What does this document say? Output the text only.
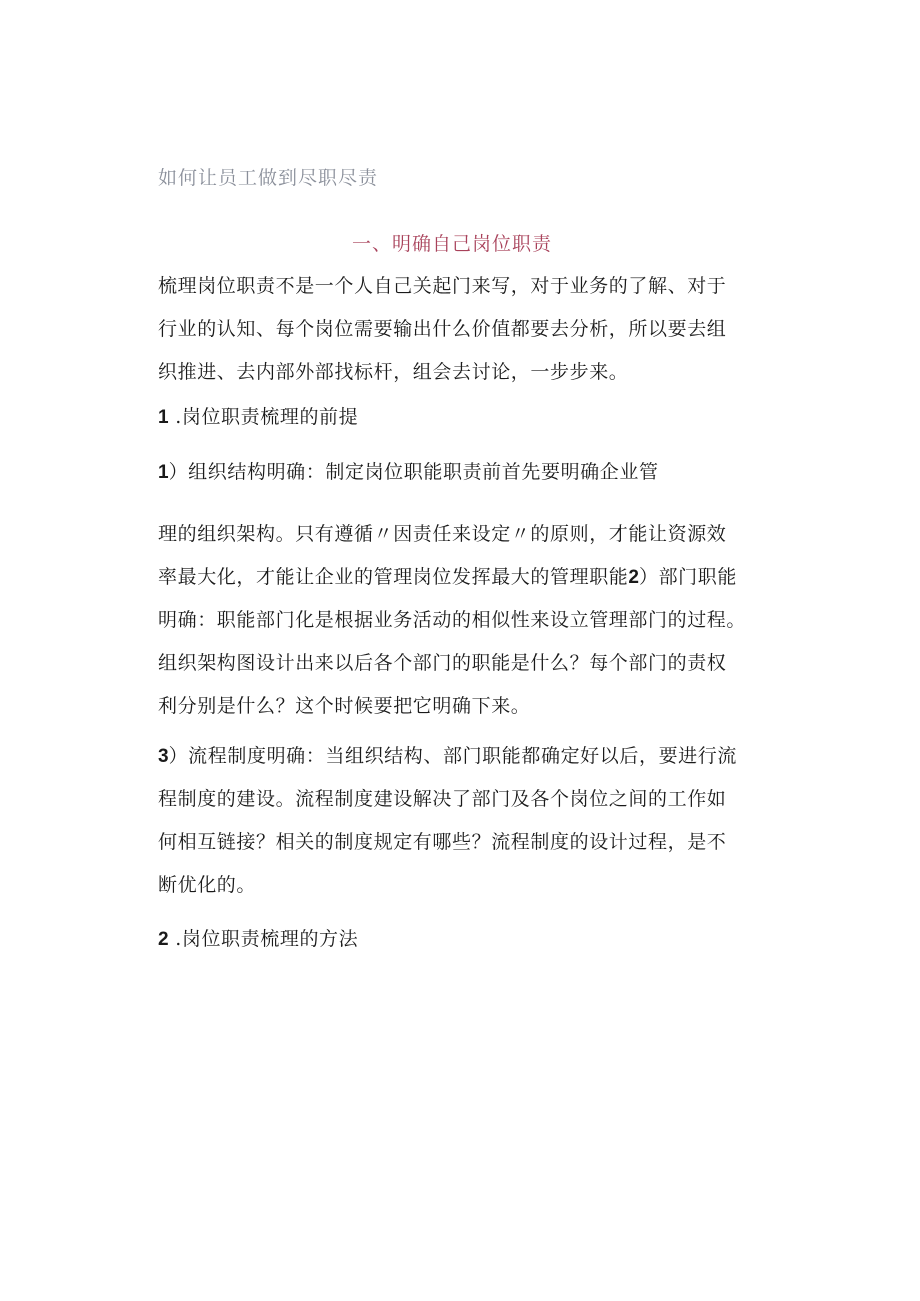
如何让员工做到尽职尽责
一、明确自己岗位职责

梳理岗位职责不是一个人自己关起门来写，对于业务的了解、对于
行业的认知、每个岗位需要输出什么价值都要去分析，所以要去组
织推进、去内部外部找标杆，组会去讨论，一步步来。

1 .岗位职责梳理的前提

1）组织结构明确：制定岗位职能职责前首先要明确企业管

理的组织架构。只有遵循〃因责任来设定〃的原则，才能让资源效
率最大化，才能让企业的管理岗位发挥最大的管理职能2）部门职能
明确：职能部门化是根据业务活动的相似性来设立管理部门的过程。
组织架构图设计出来以后各个部门的职能是什么？每个部门的责权
利分别是什么？这个时候要把它明确下来。

3）流程制度明确：当组织结构、部门职能都确定好以后，要进行流
程制度的建设。流程制度建设解决了部门及各个岗位之间的工作如
何相互链接？相关的制度规定有哪些？流程制度的设计过程，是不
断优化的。

2 .岗位职责梳理的方法
